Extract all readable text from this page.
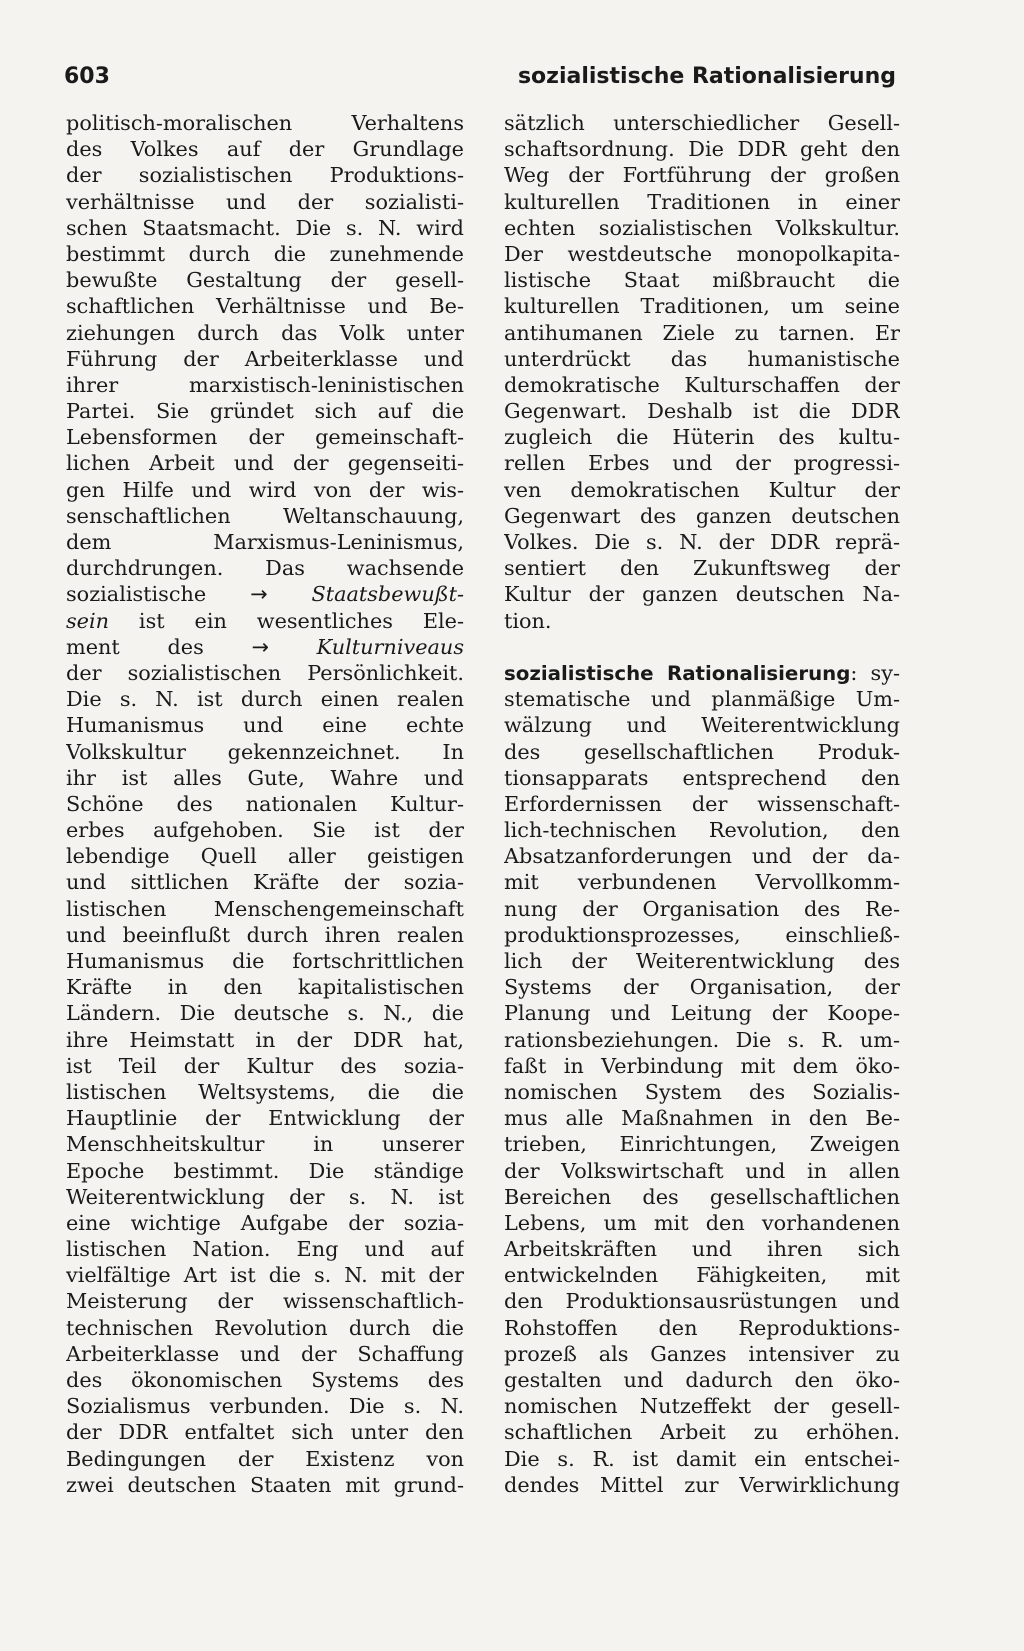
603	sozialistische Rationalisierung
politisch-moralischen Verhaltens
des Volkes auf der Grundlage
der sozialistischen Produktions-
verhältnisse und der sozialisti-
schen Staatsmacht. Die s. N. wird
bestimmt durch die zunehmende
bewußte Gestaltung der gesell-
schaftlichen Verhältnisse und Be-
ziehungen durch das Volk unter
Führung der Arbeiterklasse und
ihrer marxistisch-leninistischen
Partei. Sie gründet sich auf die
Lebensformen der gemeinschaft-
lichen Arbeit und der gegenseiti-
gen Hilfe und wird von der wis-
senschaftlichen Weltanschauung,
dem Marxismus-Leninismus,
durchdrungen. Das wachsende
sozialistische → Staatsbewußt-
sein ist ein wesentliches Ele-
ment des → Kulturniveaus
der sozialistischen Persönlichkeit.
Die s. N. ist durch einen realen
Humanismus und eine echte
Volkskultur gekennzeichnet. In
ihr ist alles Gute, Wahre und
Schöne des nationalen Kultur-
erbes aufgehoben. Sie ist der
lebendige Quell aller geistigen
und sittlichen Kräfte der sozia-
listischen Menschengemeinschaft
und beeinflußt durch ihren realen
Humanismus die fortschrittlichen
Kräfte in den kapitalistischen
Ländern. Die deutsche s. N., die
ihre Heimstatt in der DDR hat,
ist Teil der Kultur des sozia-
listischen Weltsystems, die die
Hauptlinie der Entwicklung der
Menschheitskultur in unserer
Epoche bestimmt. Die ständige
Weiterentwicklung der s. N. ist
eine wichtige Aufgabe der sozia-
listischen Nation. Eng und auf
vielfältige Art ist die s. N. mit der
Meisterung der wissenschaftlich-
technischen Revolution durch die
Arbeiterklasse und der Schaffung
des ökonomischen Systems des
Sozialismus verbunden. Die s. N.
der DDR entfaltet sich unter den
Bedingungen der Existenz von
zwei deutschen Staaten mit grund-
sätzlich unterschiedlicher Gesell-
schaftsordnung. Die DDR geht den
Weg der Fortführung der großen
kulturellen Traditionen in einer
echten sozialistischen Volkskultur.
Der westdeutsche monopolkapita-
listische Staat mißbraucht die
kulturellen Traditionen, um seine
antihumanen Ziele zu tarnen. Er
unterdrückt das humanistische
demokratische Kulturschaffen der
Gegenwart. Deshalb ist die DDR
zugleich die Hüterin des kultu-
rellen Erbes und der progressi-
ven demokratischen Kultur der
Gegenwart des ganzen deutschen
Volkes. Die s. N. der DDR reprä-
sentiert den Zukunftsweg der
Kultur der ganzen deutschen Na-
tion.
sozialistische Rationalisierung: sy-
stematische und planmäßige Um-
wälzung und Weiterentwicklung
des gesellschaftlichen Produk-
tionsapparats entsprechend den
Erfordernissen der wissenschaft-
lich-technischen Revolution, den
Absatzanforderungen und der da-
mit verbundenen Vervollkomm-
nung der Organisation des Re-
produktionsprozesses, einschließ-
lich der Weiterentwicklung des
Systems der Organisation, der
Planung und Leitung der Koope-
rationsbeziehungen. Die s. R. um-
faßt in Verbindung mit dem öko-
nomischen System des Sozialis-
mus alle Maßnahmen in den Be-
trieben, Einrichtungen, Zweigen
der Volkswirtschaft und in allen
Bereichen des gesellschaftlichen
Lebens, um mit den vorhandenen
Arbeitskräften und ihren sich
entwickelnden Fähigkeiten, mit
den Produktionsausrüstungen und
Rohstoffen den Reproduktions-
prozeß als Ganzes intensiver zu
gestalten und dadurch den öko-
nomischen Nutzeffekt der gesell-
schaftlichen Arbeit zu erhöhen.
Die s. R. ist damit ein entschei-
dendes Mittel zur Verwirklichung
